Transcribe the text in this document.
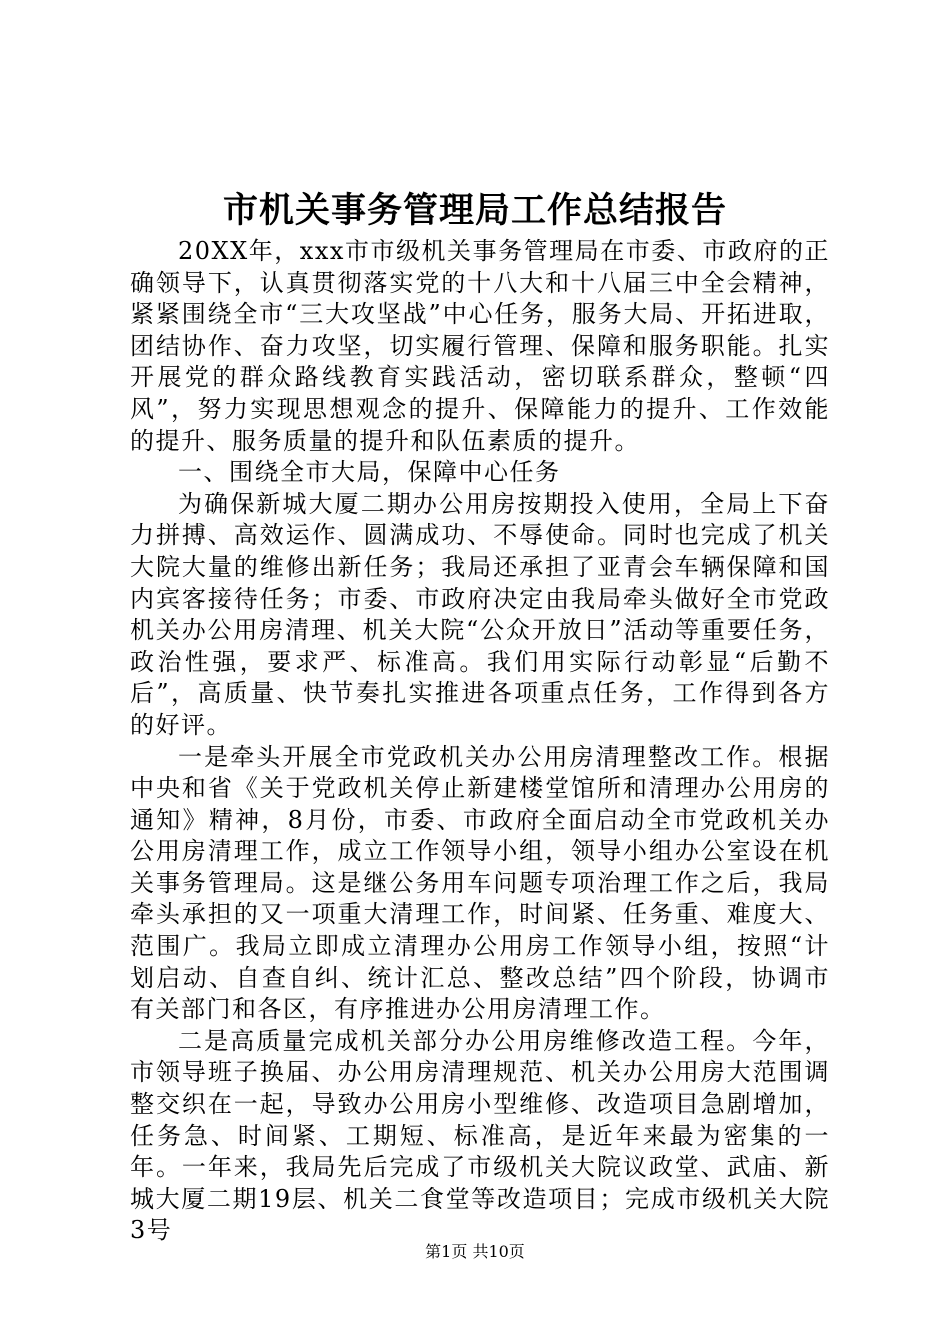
市机关事务管理局工作总结报告

20XX年，xxx市市级机关事务管理局在市委、市政府的正确领导下，认真贯彻落实党的十八大和十八届三中全会精神，紧紧围绕全市“三大攻坚战”中心任务，服务大局、开拓进取，团结协作、奋力攻坚，切实履行管理、保障和服务职能。扎实开展党的群众路线教育实践活动，密切联系群众，整顿“四风”，努力实现思想观念的提升、保障能力的提升、工作效能的提升、服务质量的提升和队伍素质的提升。

一、围绕全市大局，保障中心任务

为确保新城大厦二期办公用房按期投入使用，全局上下奋力拼搏、高效运作、圆满成功、不辱使命。同时也完成了机关大院大量的维修出新任务；我局还承担了亚青会车辆保障和国内宾客接待任务；市委、市政府决定由我局牵头做好全市党政机关办公用房清理、机关大院“公众开放日”活动等重要任务，政治性强，要求严、标准高。我们用实际行动彰显“后勤不后”，高质量、快节奏扎实推进各项重点任务，工作得到各方的好评。

一是牵头开展全市党政机关办公用房清理整改工作。根据中央和省《关于党政机关停止新建楼堂馆所和清理办公用房的通知》精神，8月份，市委、市政府全面启动全市党政机关办公用房清理工作，成立工作领导小组，领导小组办公室设在机关事务管理局。这是继公务用车问题专项治理工作之后，我局牵头承担的又一项重大清理工作，时间紧、任务重、难度大、范围广。我局立即成立清理办公用房工作领导小组，按照“计划启动、自查自纠、统计汇总、整改总结”四个阶段，协调市有关部门和各区，有序推进办公用房清理工作。

二是高质量完成机关部分办公用房维修改造工程。今年，市领导班子换届、办公用房清理规范、机关办公用房大范围调整交织在一起，导致办公用房小型维修、改造项目急剧增加，任务急、时间紧、工期短、标准高，是近年来最为密集的一年。一年来，我局先后完成了市级机关大院议政堂、武庙、新城大厦二期19层、机关二食堂等改造项目；完成市级机关大院3号

第1页 共10页
